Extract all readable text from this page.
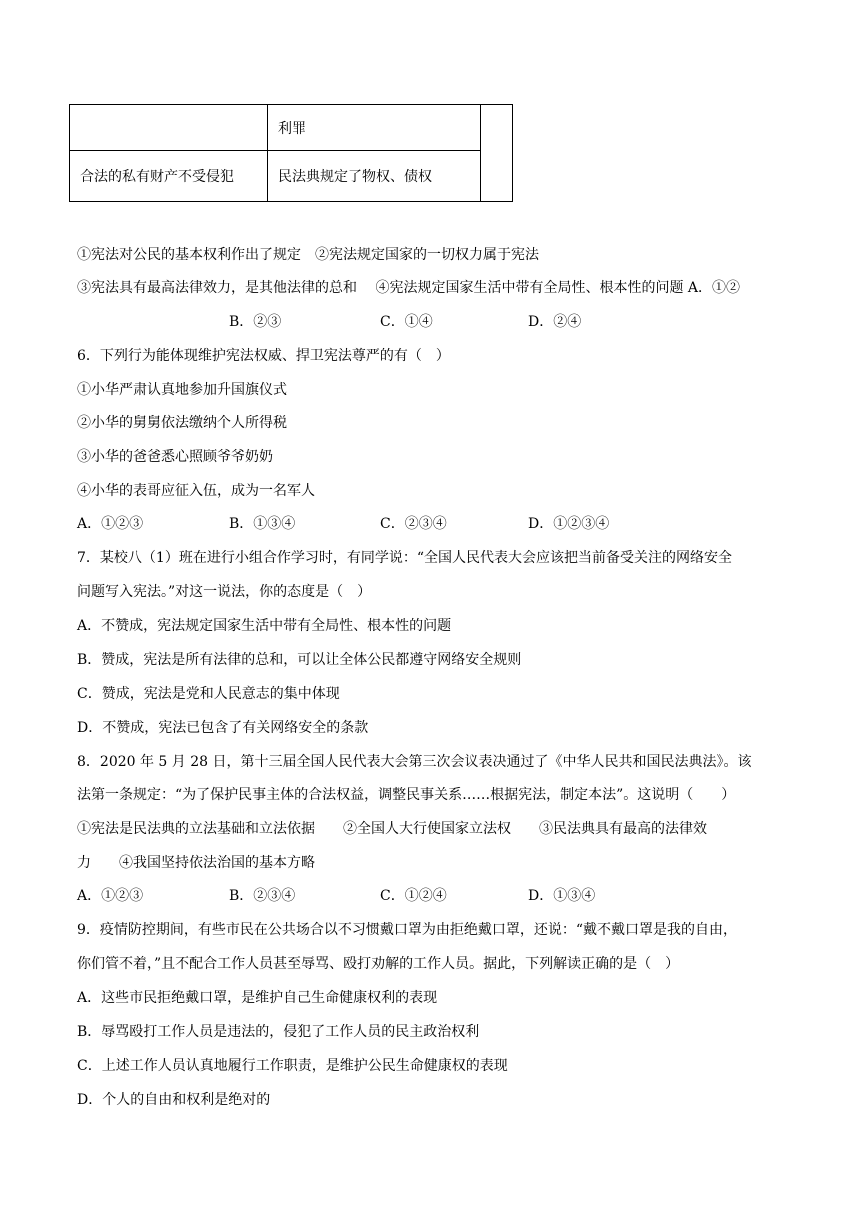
	利罪	
合法的私有财产不受侵犯	民法典规定了物权、债权	
①宪法对公民的基本权利作出了规定　②宪法规定国家的一切权力属于宪法
③宪法具有最高法律效力，是其他法律的总和　 ④宪法规定国家生活中带有全局性、根本性的问题 A．①②
B．②③	C．①④	D．②④
6．下列行为能体现维护宪法权威、捍卫宪法尊严的有（　）
①小华严肃认真地参加升国旗仪式
②小华的舅舅依法缴纳个人所得税
③小华的爸爸悉心照顾爷爷奶奶
④小华的表哥应征入伍，成为一名军人
A．①②③	B．①③④	C．②③④	D．①②③④
7．某校八（1）班在进行小组合作学习时，有同学说：“全国人民代表大会应该把当前备受关注的网络安全
问题写入宪法。”对这一说法，你的态度是（　）
A．不赞成，宪法规定国家生活中带有全局性、根本性的问题
B．赞成，宪法是所有法律的总和，可以让全体公民都遵守网络安全规则
C．赞成，宪法是党和人民意志的集中体现
D．不赞成，宪法已包含了有关网络安全的条款
8．2020 年 5 月 28 日，第十三届全国人民代表大会第三次会议表决通过了《中华人民共和国民法典法》。该
法第一条规定：“为了保护民事主体的合法权益，调整民事关系……根据宪法，制定本法”。这说明（　　）
①宪法是民法典的立法基础和立法依据　　②全国人大行使国家立法权　　③民法典具有最高的法律效
力　　④我国坚持依法治国的基本方略
A．①②③	B．②③④	C．①②④	D．①③④
9．疫情防控期间，有些市民在公共场合以不习惯戴口罩为由拒绝戴口罩，还说：“戴不戴口罩是我的自由，
你们管不着，”且不配合工作人员甚至辱骂、殴打劝解的工作人员。据此，下列解读正确的是（　）
A．这些市民拒绝戴口罩，是维护自己生命健康权利的表现
B．辱骂殴打工作人员是违法的，侵犯了工作人员的民主政治权利
C．上述工作人员认真地履行工作职责，是维护公民生命健康权的表现
D．个人的自由和权利是绝对的
